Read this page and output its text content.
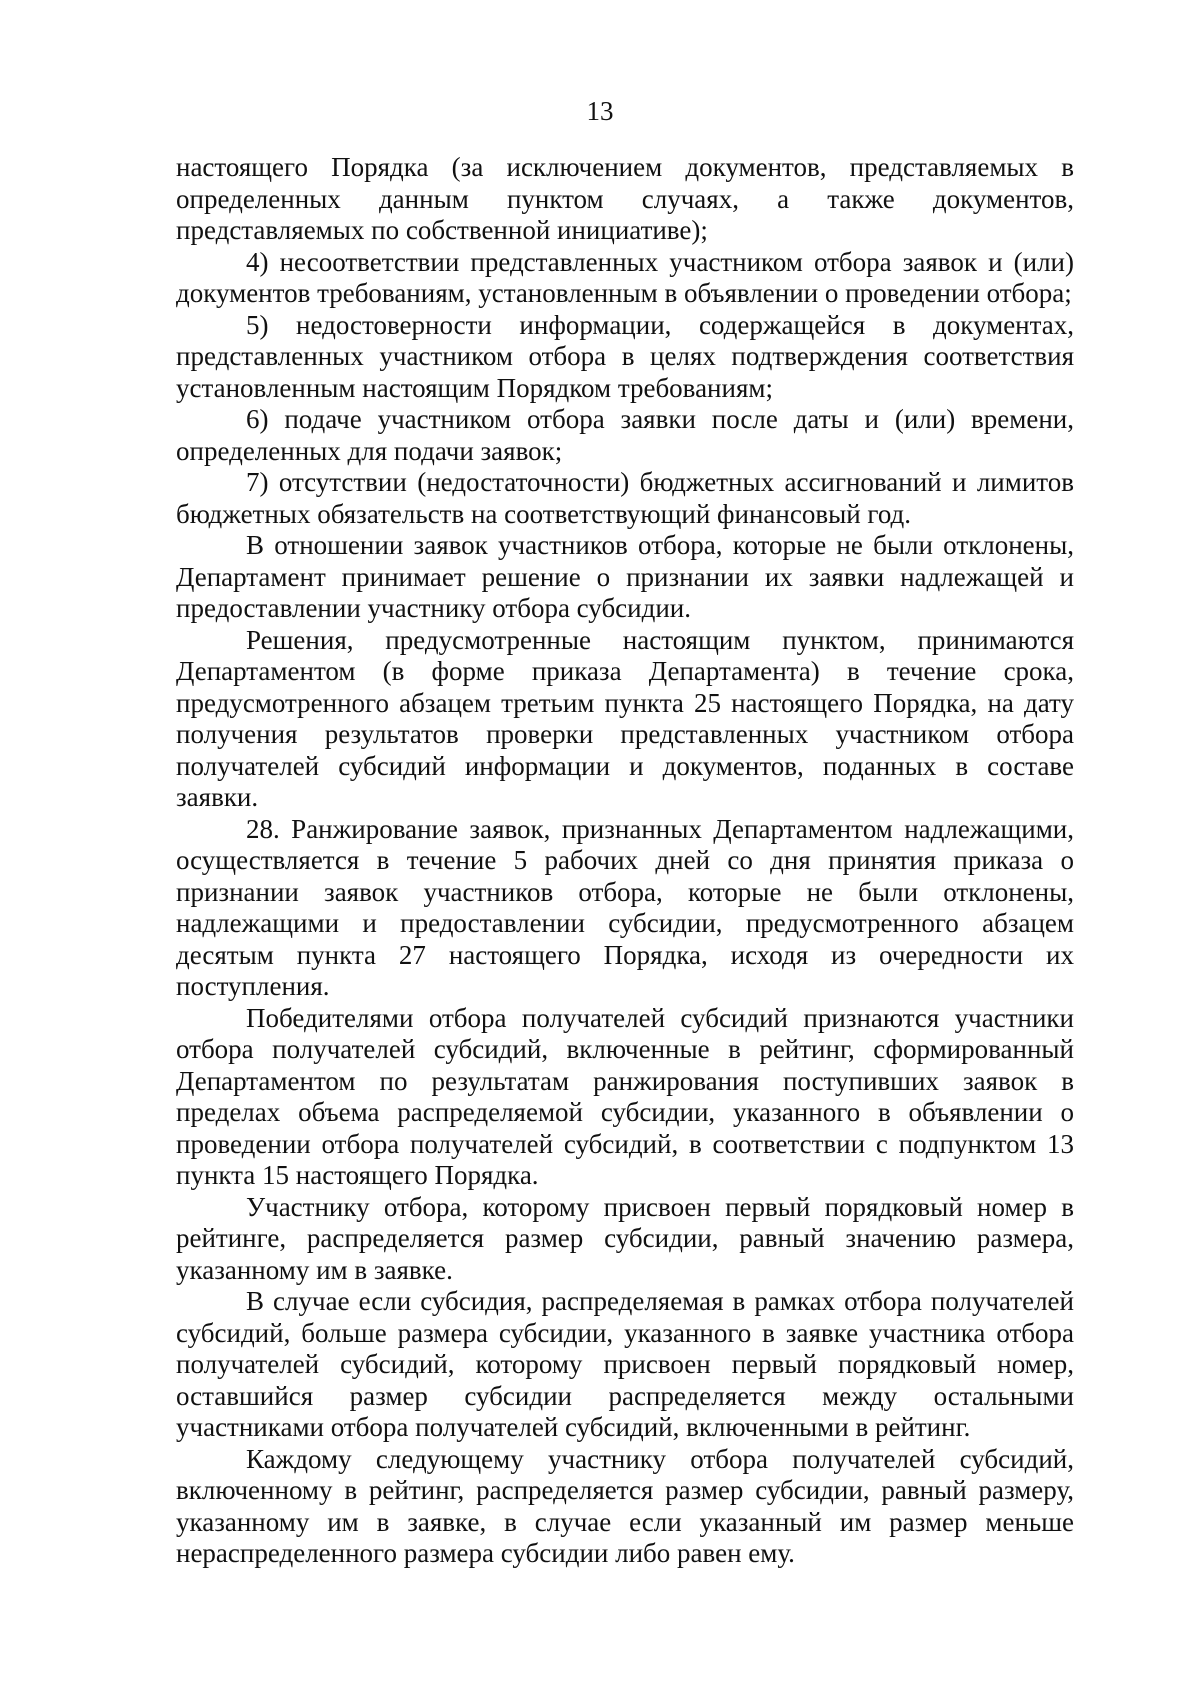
13

настоящего Порядка (за исключением документов, представляемых в определенных данным пунктом случаях, а также документов, представляемых по собственной инициативе);

4) несоответствии представленных участником отбора заявок и (или) документов требованиям, установленным в объявлении о проведении отбора;

5) недостоверности информации, содержащейся в документах, представленных участником отбора в целях подтверждения соответствия установленным настоящим Порядком требованиям;

6) подаче участником отбора заявки после даты и (или) времени, определенных для подачи заявок;

7) отсутствии (недостаточности) бюджетных ассигнований и лимитов бюджетных обязательств на соответствующий финансовый год.

В отношении заявок участников отбора, которые не были отклонены, Департамент принимает решение о признании их заявки надлежащей и предоставлении участнику отбора субсидии.

Решения, предусмотренные настоящим пунктом, принимаются Департаментом (в форме приказа Департамента) в течение срока, предусмотренного абзацем третьим пункта 25 настоящего Порядка, на дату получения результатов проверки представленных участником отбора получателей субсидий информации и документов, поданных в составе заявки.

28. Ранжирование заявок, признанных Департаментом надлежащими, осуществляется в течение 5 рабочих дней со дня принятия приказа о признании заявок участников отбора, которые не были отклонены, надлежащими и предоставлении субсидии, предусмотренного абзацем десятым пункта 27 настоящего Порядка, исходя из очередности их поступления.

Победителями отбора получателей субсидий признаются участники отбора получателей субсидий, включенные в рейтинг, сформированный Департаментом по результатам ранжирования поступивших заявок в пределах объема распределяемой субсидии, указанного в объявлении о проведении отбора получателей субсидий, в соответствии с подпунктом 13 пункта 15 настоящего Порядка.

Участнику отбора, которому присвоен первый порядковый номер в рейтинге, распределяется размер субсидии, равный значению размера, указанному им в заявке.

В случае если субсидия, распределяемая в рамках отбора получателей субсидий, больше размера субсидии, указанного в заявке участника отбора получателей субсидий, которому присвоен первый порядковый номер, оставшийся размер субсидии распределяется между остальными участниками отбора получателей субсидий, включенными в рейтинг.

Каждому следующему участнику отбора получателей субсидий, включенному в рейтинг, распределяется размер субсидии, равный размеру, указанному им в заявке, в случае если указанный им размер меньше нераспределенного размера субсидии либо равен ему.
